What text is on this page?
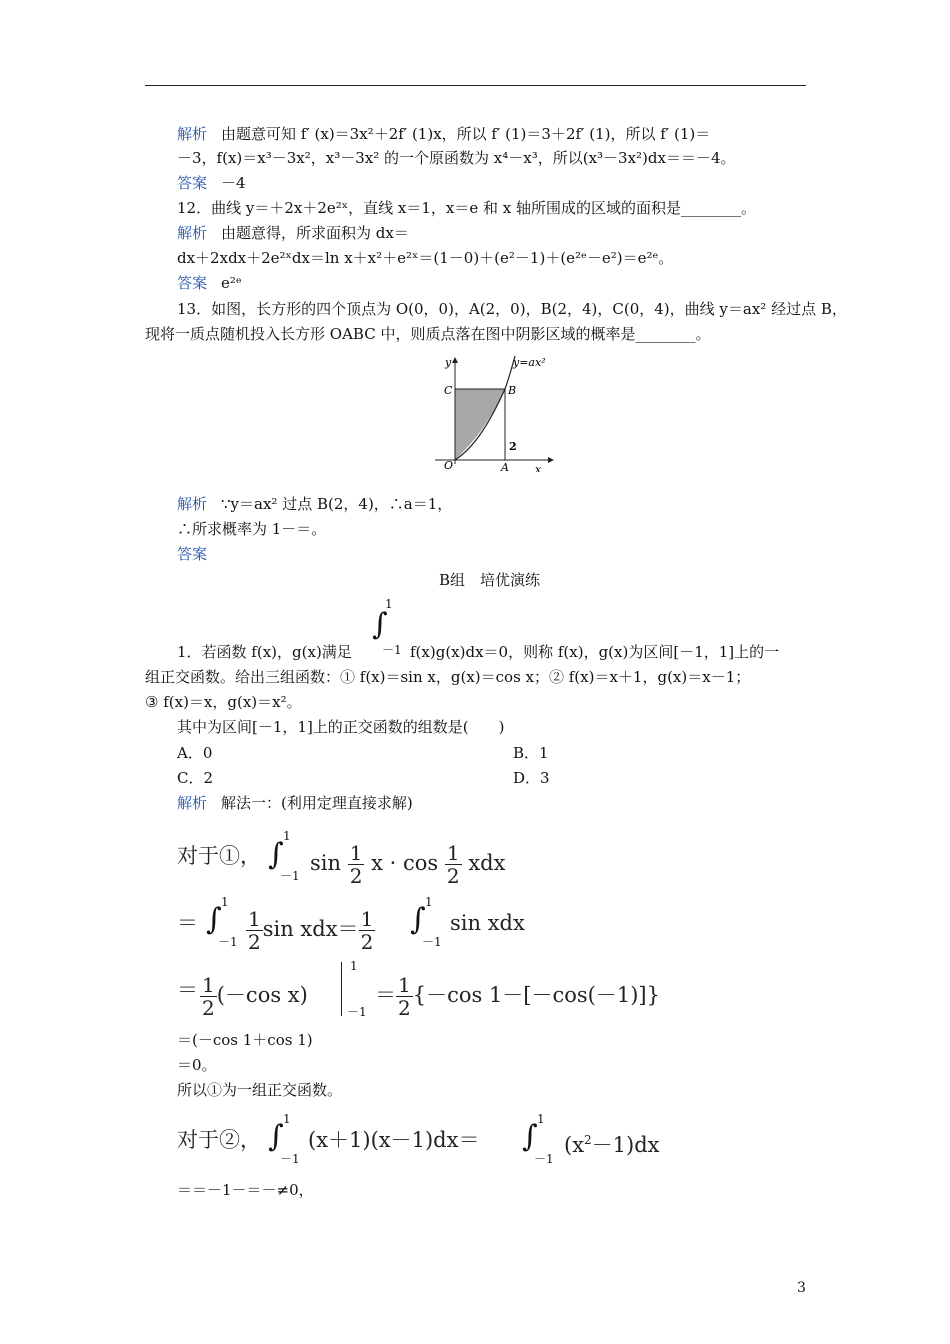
解析 由题意可知 f′ (x)＝3x²＋2f′ (1)x，所以 f′ (1)＝3＋2f′ (1)，所以 f′ (1)＝
－3，f(x)＝x³－3x²，x³－3x² 的一个原函数为 x⁴－x³，所以(x³－3x²)dx＝＝－4。
答案 －4
12．曲线 y＝＋2x＋2e²ˣ，直线 x＝1，x＝e 和 x 轴所围成的区域的面积是________。
解析 由题意得，所求面积为 dx＝
dx＋2xdx＋2e²ˣdx＝ln x＋x²＋e²ˣ＝(1－0)＋(e²－1)＋(e²ᵉ－e²)＝e²ᵉ。
答案 e²ᵉ
13．如图，长方形的四个顶点为 O(0，0)，A(2，0)，B(2，4)，C(0，4)，曲线 y＝ax² 经过点 B，
现将一质点随机投入长方形 OABC 中，则质点落在图中阴影区域的概率是________。
y
x
y=ax²
C	B
O	A
2
解析 ∵y＝ax² 过点 B(2，4)，∴a＝1，
∴所求概率为 1－＝。
答案
B组　培优演练
∫
1
－1
1．若函数 f(x)，g(x)满足	f(x)g(x)dx＝0，则称 f(x)，g(x)为区间[－1，1]上的一
组正交函数。给出三组函数：① f(x)＝sin x，g(x)＝cos x；② f(x)＝x＋1，g(x)＝x－1；
③ f(x)＝x，g(x)＝x²。
其中为区间[－1，1]上的正交函数的组数是(　　)
A．0	B．1
C．2	D．3
解析 解法一：(利用定理直接求解)
对于①， ∫
1
－1
$\sin \frac{1}{2}$ $x \cdot \cos \frac{1}{2}$ xdx
＝ ∫ 1
$-1 \frac{1}{2}$ $\sin xdx= \frac{1}{2}$ ∫ 1
－1
sin xdx
＝ $\frac{1}{2} (-\cos$ x)
1
－1
＝ $\frac{1}{2} \{-\cos$ 1－[－cos(－1)]}
＝(－cos 1＋cos 1)
＝0。
所以①为一组正交函数。
对于②， ∫ 1
－1
(x＋1)(x－1)dx＝ ∫ 1
－1
$(x^2-1)dx$
＝＝－1－＝－≠0，
3
